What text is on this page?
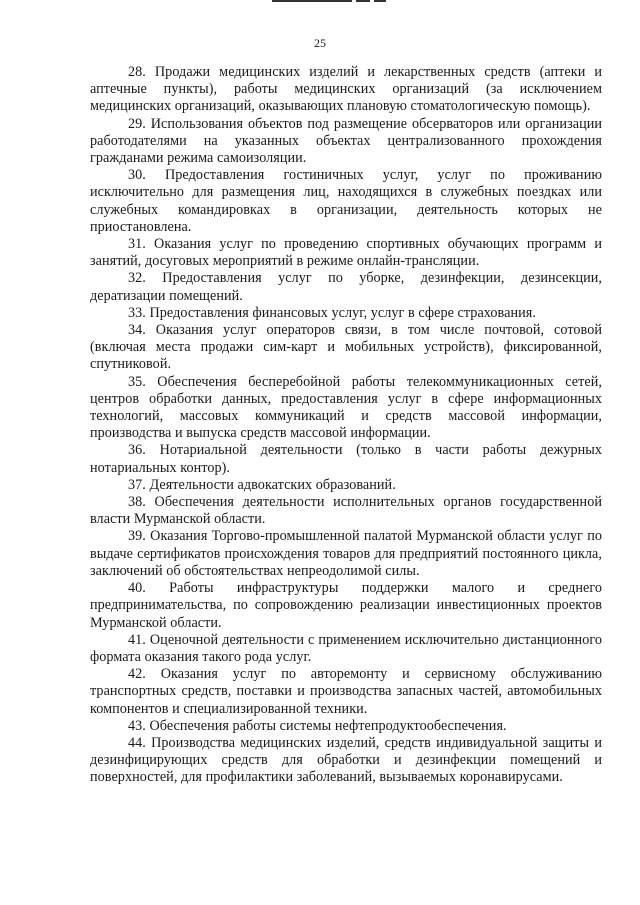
25

28. Продажи медицинских изделий и лекарственных средств (аптеки и аптечные пункты), работы медицинских организаций (за исключением медицинских организаций, оказывающих плановую стоматологическую помощь).

29. Использования объектов под размещение обсерваторов или организации работодателями на указанных объектах централизованного прохождения гражданами режима самоизоляции.

30. Предоставления гостиничных услуг, услуг по проживанию исключительно для размещения лиц, находящихся в служебных поездках или служебных командировках в организации, деятельность которых не приостановлена.

31. Оказания услуг по проведению спортивных обучающих программ и занятий, досуговых мероприятий в режиме онлайн-трансляции.

32. Предоставления услуг по уборке, дезинфекции, дезинсекции, дератизации помещений.

33. Предоставления финансовых услуг, услуг в сфере страхования.

34. Оказания услуг операторов связи, в том числе почтовой, сотовой (включая места продажи сим-карт и мобильных устройств), фиксированной, спутниковой.

35. Обеспечения бесперебойной работы телекоммуникационных сетей, центров обработки данных, предоставления услуг в сфере информационных технологий, массовых коммуникаций и средств массовой информации, производства и выпуска средств массовой информации.

36. Нотариальной деятельности (только в части работы дежурных нотариальных контор).

37. Деятельности адвокатских образований.

38. Обеспечения деятельности исполнительных органов государственной власти Мурманской области.

39. Оказания Торгово-промышленной палатой Мурманской области услуг по выдаче сертификатов происхождения товаров для предприятий постоянного цикла, заключений об обстоятельствах непреодолимой силы.

40. Работы инфраструктуры поддержки малого и среднего предпринимательства, по сопровождению реализации инвестиционных проектов Мурманской области.

41. Оценочной деятельности с применением исключительно дистанционного формата оказания такого рода услуг.

42. Оказания услуг по авторемонту и сервисному обслуживанию транспортных средств, поставки и производства запасных частей, автомобильных компонентов и специализированной техники.

43. Обеспечения работы системы нефтепродуктообеспечения.

44. Производства медицинских изделий, средств индивидуальной защиты и дезинфицирующих средств для обработки и дезинфекции помещений и поверхностей, для профилактики заболеваний, вызываемых коронавирусами.
